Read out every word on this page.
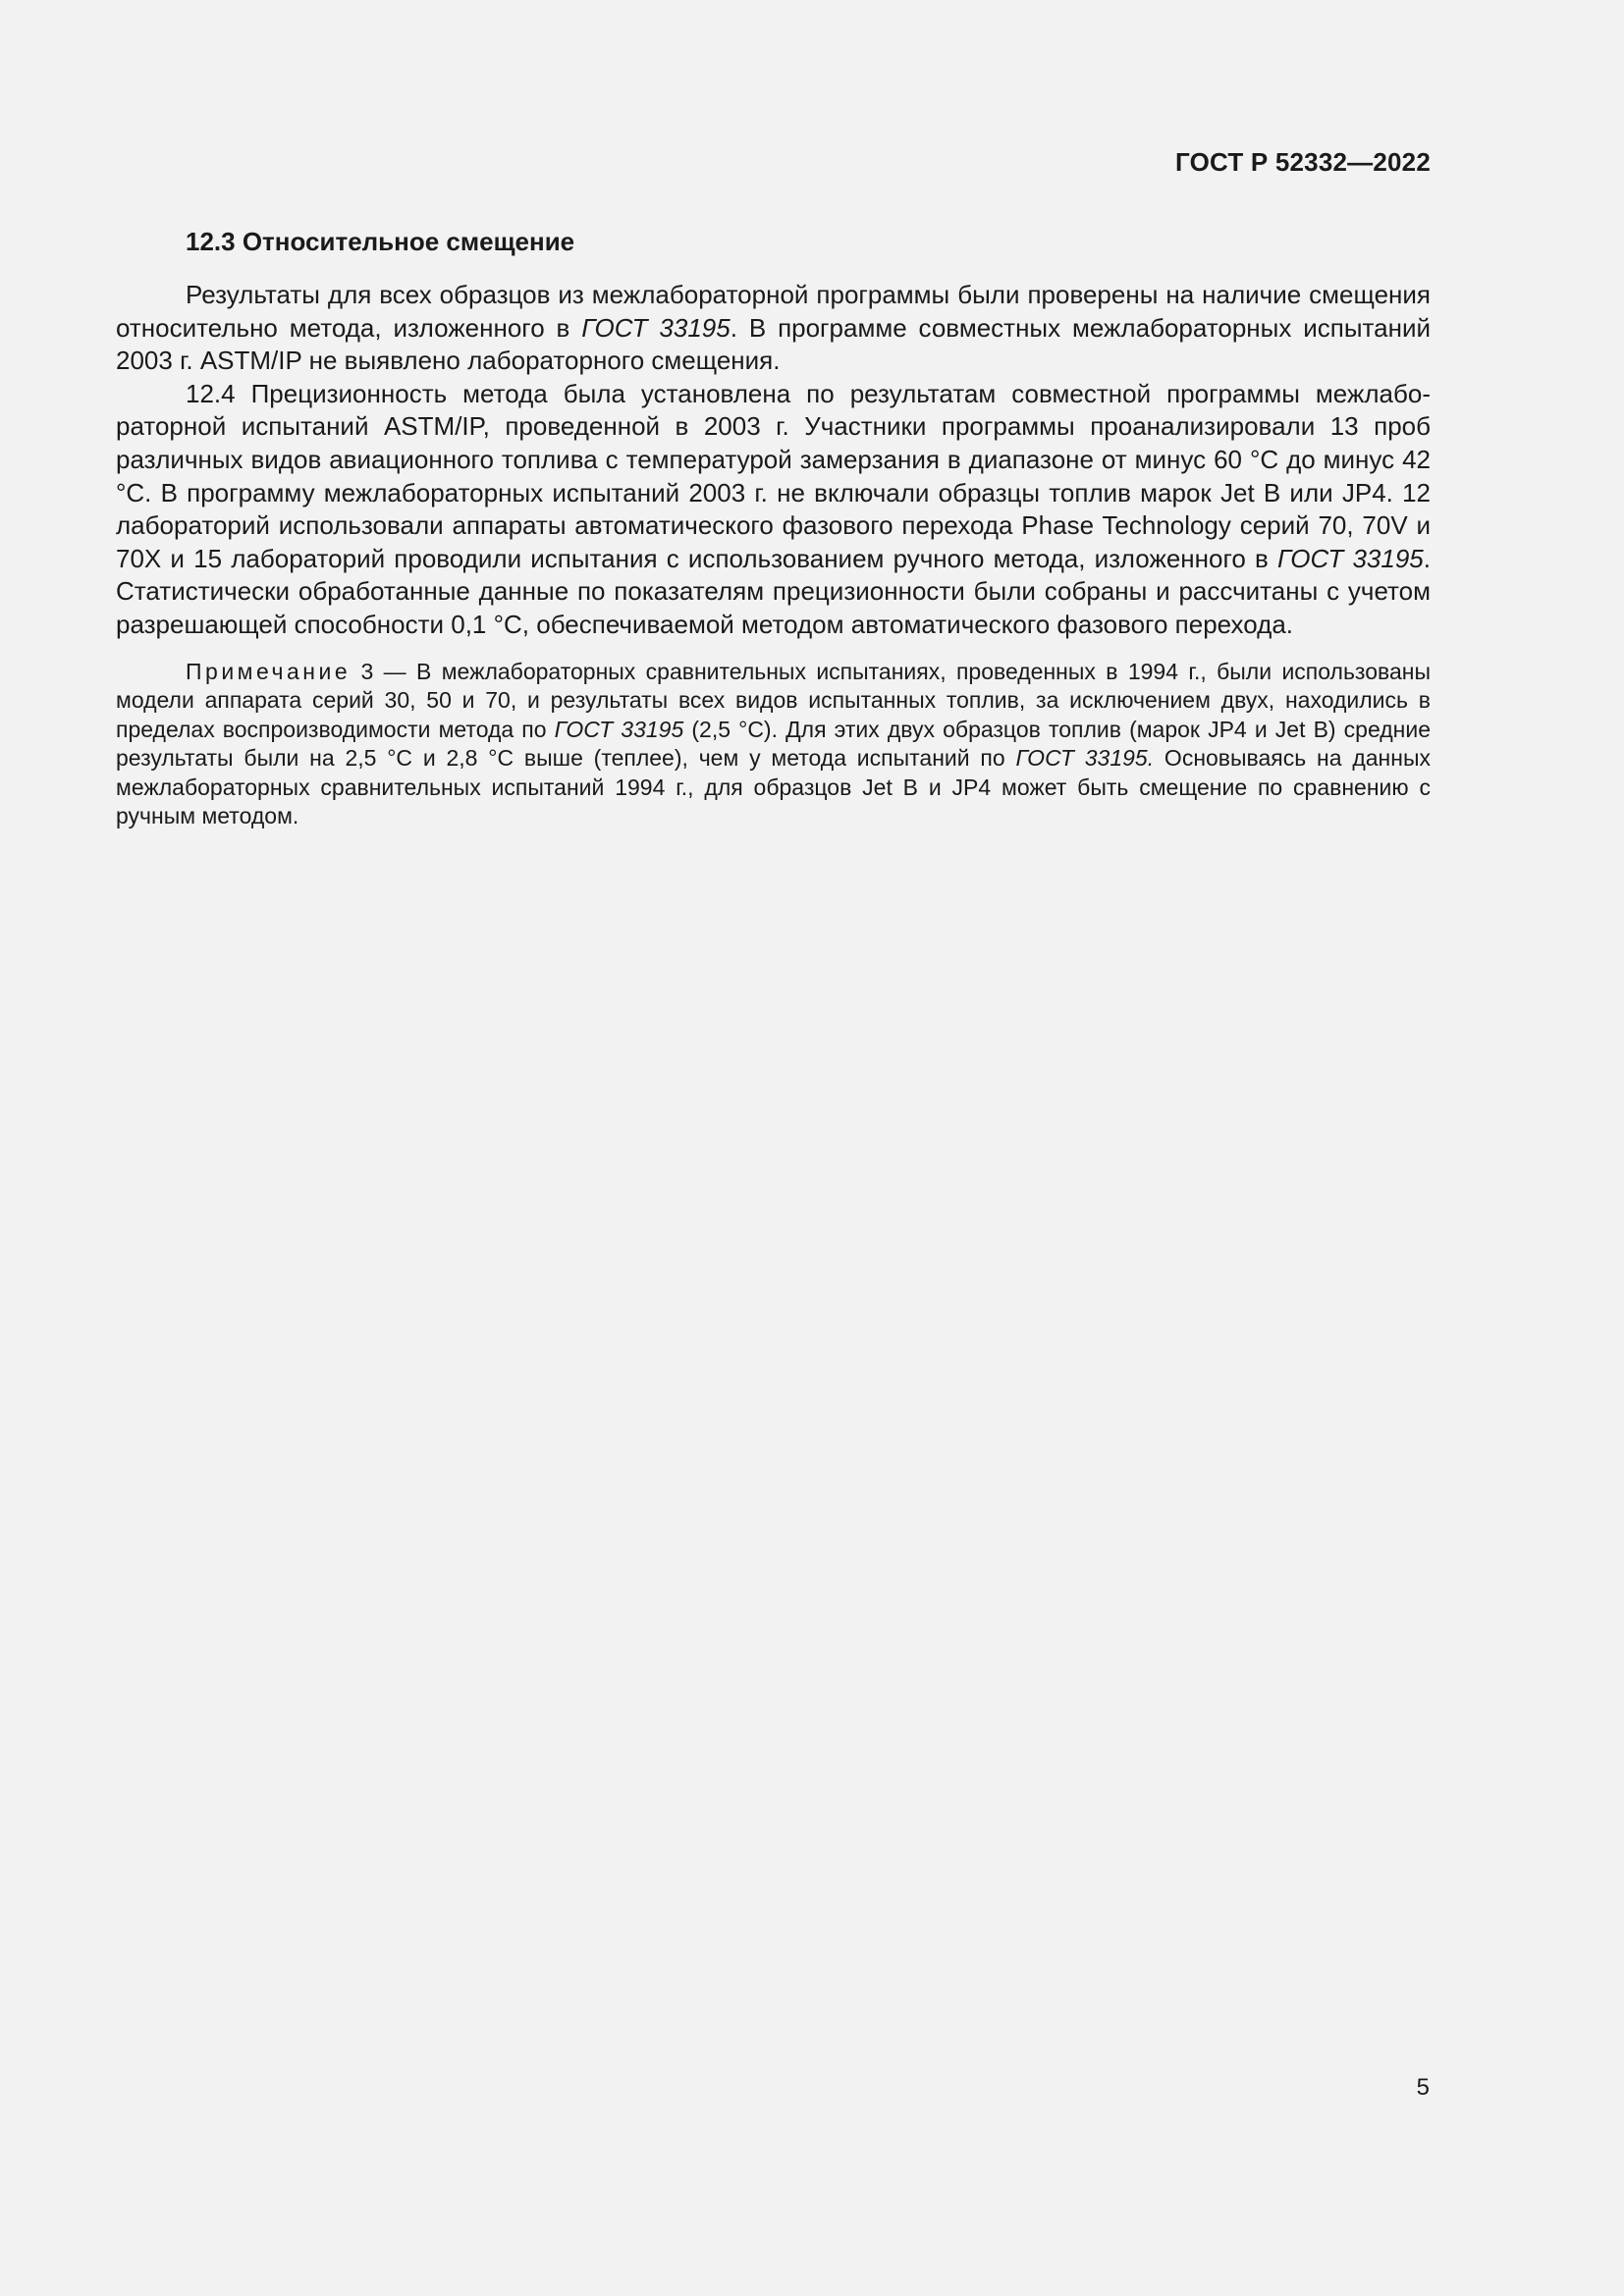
ГОСТ Р 52332—2022
12.3 Относительное смещение

Результаты для всех образцов из межлабораторной программы были проверены на наличие смещения относительно метода, изложенного в ГОСТ 33195. В программе совместных межлабораторных испытаний 2003 г. ASTM/IP не выявлено лабораторного смещения.

12.4 Прецизионность метода была установлена по результатам совместной программы межлабораторной испытаний ASTM/IP, проведенной в 2003 г. Участники программы проанализировали 13 проб различных видов авиационного топлива с температурой замерзания в диапазоне от минус 60 °С до минус 42 °С. В программу межлабораторных испытаний 2003 г. не включали образцы топлив марок Jet B или JP4. 12 лабораторий использовали аппараты автоматического фазового перехода Phase Technology серий 70, 70V и 70X и 15 лабораторий проводили испытания с использованием ручного метода, изложенного в ГОСТ 33195. Статистически обработанные данные по показателям прецизионности были собраны и рассчитаны с учетом разрешающей способности 0,1 °С, обеспечиваемой методом автоматического фазового перехода.

Примечание 3 — В межлабораторных сравнительных испытаниях, проведенных в 1994 г., были использованы модели аппарата серий 30, 50 и 70, и результаты всех видов испытанных топлив, за исключением двух, находились в пределах воспроизводимости метода по ГОСТ 33195 (2,5 °С). Для этих двух образцов топлив (марок JP4 и Jet B) средние результаты были на 2,5 °С и 2,8 °С выше (теплее), чем у метода испытаний по ГОСТ 33195. Основываясь на данных межлабораторных сравнительных испытаний 1994 г., для образцов Jet B и JP4 может быть смещение по сравнению с ручным методом.

5
